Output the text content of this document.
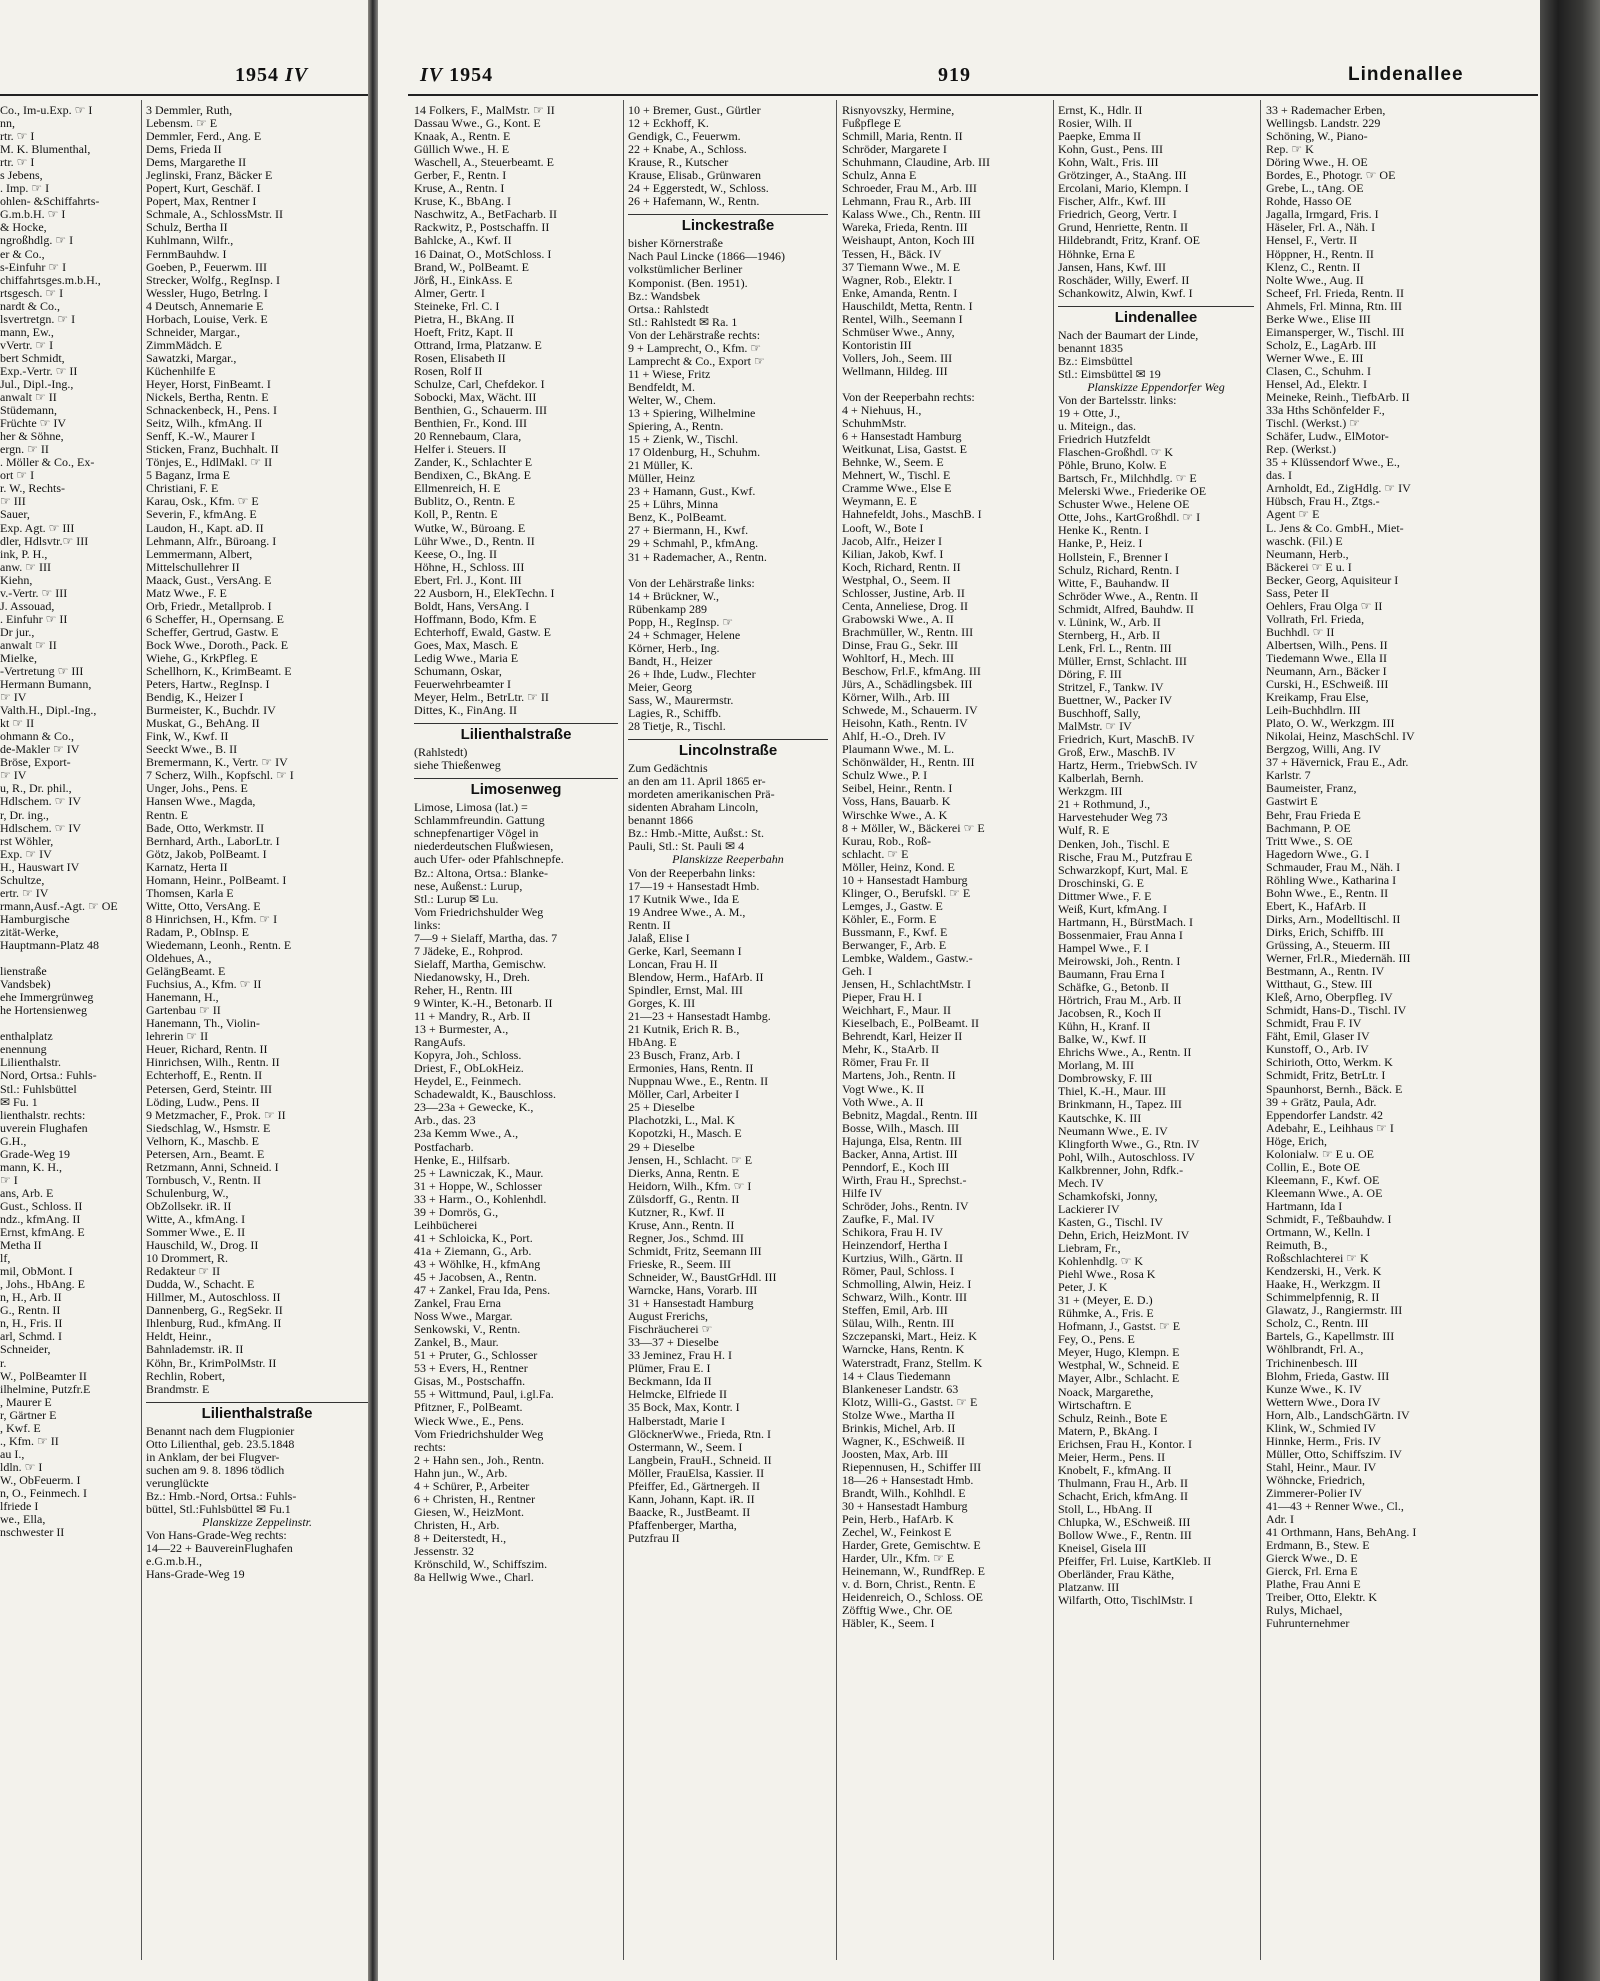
1954 IV

Co., Im-u.Exp. ☞ I

nn,

rtr. ☞ I

M. K. Blumenthal,

rtr. ☞ I

s Jebens,

. Imp. ☞ I

ohlen- &Schiffahrts-

G.m.b.H. ☞ I

& Hocke,

ngroßhdlg. ☞ I

er & Co.,

s-Einfuhr ☞ I

chiffahrtsges.m.b.H.,

rtsgesch. ☞ I

nardt & Co.,

lsvertretgn. ☞ I

mann, Ew.,

vVertr. ☞ I

bert Schmidt,

Exp.-Vertr. ☞ II

Jul., Dipl.-Ing.,

anwalt ☞ II

Stüdemann,

Früchte ☞ IV

her & Söhne,

ergn. ☞ II

. Möller & Co., Ex-

ort ☞ I

r. W., Rechts-

☞ III

Sauer,

Exp. Agt. ☞ III

dler, Hdlsvtr.☞ III

ink, P. H.,

anw. ☞ III

Kiehn,

v.-Vertr. ☞ III

J. Assouad,

. Einfuhr ☞ II

Dr jur.,

anwalt ☞ II

Mielke,

-Vertretung ☞ III

Hermann Bumann,

☞ IV

Valth.H., Dipl.-Ing.,

kt ☞ II

ohmann & Co.,

de-Makler ☞ IV

Bröse, Export-

☞ IV

u, R., Dr. phil.,

Hdlschem. ☞ IV

r, Dr. ing.,

Hdlschem. ☞ IV

rst Wöhler,

Exp. ☞ IV

H., Hauswart IV

Schultze,

ertr. ☞ IV

rmann,Ausf.-Agt. ☞ OE

Hamburgische

zität-Werke,

Hauptmann-Platz 48

lienstraße

Vandsbek)

ehe Immergrünweg

he Hortensienweg

enthalplatz

enennung

Lilienthalstr.

Nord, Ortsa.: Fuhls-

Stl.: Fuhlsbüttel

✉ Fu. 1

lienthalstr. rechts:

uverein Flughafen

G.H.,

Grade-Weg 19

mann, K. H.,

☞ I

ans, Arb. E

Gust., Schloss. II

ndz., kfmAng. II

Ernst, kfmAng. E

Metha II

lf,

mil, ObMont. I

, Johs., HbAng. E

n, H., Arb. II

G., Rentn. II

n, H., Fris. II

arl, Schmd. I

Schneider,

r.

W., PolBeamter II

ilhelmine, Putzfr.E

, Maurer E

r, Gärtner E

, Kwf. E

., Kfm. ☞ II

au I.,

ldln. ☞ I

W., ObFeuerm. I

n, O., Feinmech. I

lfriede I

we., Ella,

nschwester II

3 Demmler, Ruth,

Lebensm. ☞ E

Demmler, Ferd., Ang. E

Dems, Frieda II

Dems, Margarethe II

Jeglinski, Franz, Bäcker E

Popert, Kurt, Geschäf. I

Popert, Max, Rentner I

Schmale, A., SchlossMstr. II

Schulz, Bertha II

Kuhlmann, Wilfr.,

FernmBauhdw. I

Goeben, P., Feuerwm. III

Strecker, Wolfg., RegInsp. I

Wessler, Hugo, Betrlng. I

4 Deutsch, Annemarie E

Horbach, Louise, Verk. E

Schneider, Margar.,

ZimmMädch. E

Sawatzki, Margar.,

Küchenhilfe E

Heyer, Horst, FinBeamt. I

Nickels, Bertha, Rentn. E

Schnackenbeck, H., Pens. I

Seitz, Wilh., kfmAng. II

Senff, K.-W., Maurer I

Sticken, Franz, Buchhalt. II

Tönjes, E., HdlMakl. ☞ II

5 Baganz, Irma E

Christiani, F. E

Karau, Osk., Kfm. ☞ E

Severin, F., kfmAng. E

Laudon, H., Kapt. aD. II

Lehmann, Alfr., Büroang. I

Lemmermann, Albert,

Mittelschullehrer II

Maack, Gust., VersAng. E

Matz Wwe., F. E

Orb, Friedr., Metallprob. I

6 Scheffer, H., Opernsang. E

Scheffer, Gertrud, Gastw. E

Bock Wwe., Doroth., Pack. E

Wiehe, G., KrkPfleg. E

Schellhorn, K., KrimBeamt. E

Peters, Hartw., RegInsp. I

Bendig, K., Heizer I

Burmeister, K., Buchdr. IV

Muskat, G., BehAng. II

Fink, W., Kwf. II

Seeckt Wwe., B. II

Bremermann, K., Vertr. ☞ IV

7 Scherz, Wilh., Kopfschl. ☞ I

Unger, Johs., Pens. E

Hansen Wwe., Magda,

Rentn. E

Bade, Otto, Werkmstr. II

Bernhard, Arth., LaborLtr. I

Götz, Jakob, PolBeamt. I

Karnatz, Herta II

Homann, Heinr., PolBeamt. I

Thomsen, Karla E

Witte, Otto, VersAng. E

8 Hinrichsen, H., Kfm. ☞ I

Radam, P., ObInsp. E

Wiedemann, Leonh., Rentn. E

Oldehues, A.,

GelängBeamt. E

Fuchsius, A., Kfm. ☞ II

Hanemann, H.,

Gartenbau ☞ II

Hanemann, Th., Violin-

lehrerin ☞ II

Heuer, Richard, Rentn. II

Hinrichsen, Wilh., Rentn. II

Echterhoff, E., Rentn. II

Petersen, Gerd, Steintr. III

Löding, Ludw., Pens. II

9 Metzmacher, F., Prok. ☞ II

Siedschlag, W., Hsmstr. E

Velhorn, K., Maschb. E

Petersen, Arn., Beamt. E

Retzmann, Anni, Schneid. I

Tornbusch, V., Rentn. II

Schulenburg, W.,

ObZollsekr. iR. II

Witte, A., kfmAng. I

Sommer Wwe., E. II

Hauschild, W., Drog. II

10 Drommert, R.

Redakteur ☞ II

Dudda, W., Schacht. E

Hillmer, M., Autoschloss. II

Dannenberg, G., RegSekr. II

Ihlenburg, Rud., kfmAng. II

Heldt, Heinr.,

Bahnlademstr. iR. II

Köhn, Br., KrimPolMstr. II

Rechlin, Robert,

Brandmstr. E

Lilienthalstraße

Benannt nach dem Flugpionier

Otto Lilienthal, geb. 23.5.1848

in Anklam, der bei Flugver-

suchen am 9. 8. 1896 tödlich

verunglückte

Bz.: Hmb.-Nord, Ortsa.: Fuhls-

büttel, Stl.:Fuhlsbüttel ✉ Fu.1

Planskizze Zeppelinstr.

Von Hans-Grade-Weg rechts:

14—22 + BauvereinFlughafen

e.G.m.b.H.,

Hans-Grade-Weg 19

IV 1954	919	Lindenallee

14 Folkers, F., MalMstr. ☞ II

Dassau Wwe., G., Kont. E

Knaak, A., Rentn. E

Güllich Wwe., H. E

Waschell, A., Steuerbeamt. E

Gerber, F., Rentn. I

Kruse, A., Rentn. I

Kruse, K., BbAng. I

Naschwitz, A., BetFacharb. II

Rackwitz, P., Postschaffn. II

Bahlcke, A., Kwf. II

16 Dainat, O., MotSchloss. I

Brand, W., PolBeamt. E

Jörß, H., EinkAss. E

Almer, Gertr. I

Steineke, Frl. C. I

Pietra, H., BkAng. II

Hoeft, Fritz, Kapt. II

Ottrand, Irma, Platzanw. E

Rosen, Elisabeth II

Rosen, Rolf II

Schulze, Carl, Chefdekor. I

Sobocki, Max, Wächt. III

Benthien, G., Schauerm. III

Benthien, Fr., Kond. III

20 Rennebaum, Clara,

Helfer i. Steuers. II

Zander, K., Schlachter E

Bendixen, C., BkAng. E

Ellmenreich, H. E

Bublitz, O., Rentn. E

Koll, P., Rentn. E

Wutke, W., Büroang. E

Lühr Wwe., D., Rentn. II

Keese, O., Ing. II

Höhne, H., Schloss. III

Ebert, Frl. J., Kont. III

22 Ausborn, H., ElekTechn. I

Boldt, Hans, VersAng. I

Hoffmann, Bodo, Kfm. E

Echterhoff, Ewald, Gastw. E

Goes, Max, Masch. E

Ledig Wwe., Maria E

Schumann, Oskar,

Feuerwehrbeamter I

Meyer, Helm., BetrLtr. ☞ II

Dittes, K., FinAng. II

Lilienthalstraße

(Rahlstedt)

siehe Thießenweg

Limosenweg

Limose, Limosa (lat.) =

Schlammfreundin. Gattung

schnepfenartiger Vögel in

niederdeutschen Flußwiesen,

auch Ufer- oder Pfahlschnepfe.

Bz.: Altona, Ortsa.: Blanke-

nese, Außenst.: Lurup,

Stl.: Lurup ✉ Lu.

Vom Friedrichshulder Weg

links:

7—9 + Sielaff, Martha, das. 7

7 Jädeke, E., Rohprod.

Sielaff, Martha, Gemischw.

Niedanowsky, H., Dreh.

Reher, H., Rentn. III

9 Winter, K.-H., Betonarb. II

11 + Mandry, R., Arb. II

13 + Burmester, A.,

RangAufs.

Kopyra, Joh., Schloss.

Driest, F., ObLokHeiz.

Heydel, E., Feinmech.

Schadewaldt, K., Bauschloss.

23—23a + Gewecke, K.,

Arb., das. 23

23a Kemm Wwe., A.,

Postfacharb.

Henke, E., Hilfsarb.

25 + Lawniczak, K., Maur.

31 + Hoppe, W., Schlosser

33 + Harm., O., Kohlenhdl.

39 + Domrös, G.,

Leihbücherei

41 + Schloicka, K., Port.

41a + Ziemann, G., Arb.

43 + Wöhlke, H., kfmAng

45 + Jacobsen, A., Rentn.

47 + Zankel, Frau Ida, Pens.

Zankel, Frau Erna

Noss Wwe., Margar.

Senkowski, V., Rentn.

Zankel, B., Maur.

51 + Pruter, G., Schlosser

53 + Evers, H., Rentner

Gisas, M., Postschaffn.

55 + Wittmund, Paul, i.gl.Fa.

Pfitzner, F., PolBeamt.

Wieck Wwe., E., Pens.

Vom Friedrichshulder Weg

rechts:

2 + Hahn sen., Joh., Rentn.

Hahn jun., W., Arb.

4 + Schürer, P., Arbeiter

6 + Christen, H., Rentner

Giesen, W., HeizMont.

Christen, H., Arb.

8 + Deiterstedt, H.,

Jessenstr. 32

Krönschild, W., Schiffszim.

8a Hellwig Wwe., Charl.

10 + Bremer, Gust., Gürtler

12 + Eckhoff, K.

Gendigk, C., Feuerwm.

22 + Knabe, A., Schloss.

Krause, R., Kutscher

Krause, Elisab., Grünwaren

24 + Eggerstedt, W., Schloss.

26 + Hafemann, W., Rentn.

Linckestraße

bisher Körnerstraße

Nach Paul Lincke (1866—1946)

volkstümlicher Berliner

Komponist. (Ben. 1951).

Bz.: Wandsbek

Ortsa.: Rahlstedt

Stl.: Rahlstedt ✉ Ra. 1

Von der Lehärstraße rechts:

9 + Lamprecht, O., Kfm. ☞

Lamprecht & Co., Export ☞

11 + Wiese, Fritz

Bendfeldt, M.

Welter, W., Chem.

13 + Spiering, Wilhelmine

Spiering, A., Rentn.

15 + Zienk, W., Tischl.

17 Oldenburg, H., Schuhm.

21 Müller, K.

Müller, Heinz

23 + Hamann, Gust., Kwf.

25 + Lührs, Minna

Benz, K., PolBeamt.

27 + Biermann, H., Kwf.

29 + Schmahl, P., kfmAng.

31 + Rademacher, A., Rentn.

Von der Lehärstraße links:

14 + Brückner, W.,

Rübenkamp 289

Popp, H., RegInsp. ☞

24 + Schmager, Helene

Körner, Herb., Ing.

Bandt, H., Heizer

26 + Ihde, Ludw., Flechter

Meier, Georg

Sass, W., Maurermstr.

Lagies, R., Schiffb.

28 Tietje, R., Tischl.

Lincolnstraße

Zum Gedächtnis

an den am 11. April 1865 er-

mordeten amerikanischen Prä-

sidenten Abraham Lincoln,

benannt 1866

Bz.: Hmb.-Mitte, Außst.: St.

Pauli, Stl.: St. Pauli ✉ 4

Planskizze Reeperbahn

Von der Reeperbahn links:

17—19 + Hansestadt Hmb.

17 Kutnik Wwe., Ida E

19 Andree Wwe., A. M.,

Rentn. II

Jalaß, Elise I

Gerke, Karl, Seemann I

Loncan, Frau H. II

Blendow, Herm., HafArb. II

Spindler, Ernst, Mal. III

Gorges, K. III

21—23 + Hansestadt Hambg.

21 Kutnik, Erich R. B.,

HbAng. E

23 Busch, Franz, Arb. I

Ermonies, Hans, Rentn. II

Nuppnau Wwe., E., Rentn. II

Möller, Carl, Arbeiter I

25 + Dieselbe

Plachotzki, L., Mal. K

Kopotzki, H., Masch. E

29 + Dieselbe

Jensen, H., Schlacht. ☞ E

Dierks, Anna, Rentn. E

Heidorn, Wilh., Kfm. ☞ I

Zülsdorff, G., Rentn. II

Kutzner, R., Kwf. II

Kruse, Ann., Rentn. II

Regner, Jos., Schmd. III

Schmidt, Fritz, Seemann III

Frieske, R., Seem. III

Schneider, W., BaustGrHdl. III

Warncke, Hans, Vorarb. III

31 + Hansestadt Hamburg

August Frerichs,

Fischräucherei ☞

33—37 + Dieselbe

33 Jeminez, Frau H. I

Plümer, Frau E. I

Beckmann, Ida II

Helmcke, Elfriede II

35 Bock, Max, Kontr. I

Halberstadt, Marie I

GlöcknerWwe., Frieda, Rtn. I

Ostermann, W., Seem. I

Langbein, FrauH., Schneid. II

Möller, FrauElsa, Kassier. II

Pfeiffer, Ed., Gärtnergeh. II

Kann, Johann, Kapt. iR. II

Baacke, R., JustBeamt. II

Pfaffenberger, Martha,

Putzfrau II

Risnyovszky, Hermine,

Fußpflege E

Schmill, Maria, Rentn. II

Schröder, Margarete I

Schuhmann, Claudine, Arb. III

Schulz, Anna E

Schroeder, Frau M., Arb. III

Lehmann, Frau R., Arb. III

Kalass Wwe., Ch., Rentn. III

Wareka, Frieda, Rentn. III

Weishaupt, Anton, Koch III

Tessen, H., Bäck. IV

37 Tiemann Wwe., M. E

Wagner, Rob., Elektr. I

Enke, Amanda, Rentn. I

Hauschildt, Metta, Rentn. I

Rentel, Wilh., Seemann I

Schmüser Wwe., Anny,

Kontoristin III

Vollers, Joh., Seem. III

Wellmann, Hildeg. III

Von der Reeperbahn rechts:

4 + Niehuus, H.,

SchuhmMstr.

6 + Hansestadt Hamburg

Weitkunat, Lisa, Gastst. E

Behnke, W., Seem. E

Mehnert, W., Tischl. E

Cramme Wwe., Else E

Weymann, E. E

Hahnefeldt, Johs., MaschB. I

Looft, W., Bote I

Jacob, Alfr., Heizer I

Kilian, Jakob, Kwf. I

Koch, Richard, Rentn. II

Westphal, O., Seem. II

Schlosser, Justine, Arb. II

Centa, Anneliese, Drog. II

Grabowski Wwe., A. II

Brachmüller, W., Rentn. III

Dinse, Frau G., Sekr. III

Wohltorf, H., Mech. III

Beschow, Frl.F., kfmAng. III

Jürs, A., Schädlingsbek. III

Körner, Wilh., Arb. III

Schwede, M., Schauerm. IV

Heisohn, Kath., Rentn. IV

Ahlf, H.-O., Dreh. IV

Plaumann Wwe., M. L.

Schönwälder, H., Rentn. III

Schulz Wwe., P. I

Seibel, Heinr., Rentn. I

Voss, Hans, Bauarb. K

Wirschke Wwe., A. K

8 + Möller, W., Bäckerei ☞ E

Kurau, Rob., Roß-

schlacht. ☞ E

Möller, Heinz, Kond. E

10 + Hansestadt Hamburg

Klinger, O., Berufskl. ☞ E

Lemges, J., Gastw. E

Köhler, E., Form. E

Bussmann, F., Kwf. E

Berwanger, F., Arb. E

Lembke, Waldem., Gastw.-

Geh. I

Jensen, H., SchlachtMstr. I

Pieper, Frau H. I

Weichhart, F., Maur. II

Kieselbach, E., PolBeamt. II

Behrendt, Karl, Heizer II

Mehr, K., StaArb. II

Römer, Frau Fr. II

Martens, Joh., Rentn. II

Vogt Wwe., K. II

Voth Wwe., A. II

Bebnitz, Magdal., Rentn. III

Bosse, Wilh., Masch. III

Hajunga, Elsa, Rentn. III

Backer, Anna, Artist. III

Penndorf, E., Koch III

Wirth, Frau H., Sprechst.-

Hilfe IV

Schröder, Johs., Rentn. IV

Zaufke, F., Mal. IV

Schikora, Frau H. IV

Heinzendorf, Hertha I

Kurtzius, Wilh., Gärtn. II

Römer, Paul, Schloss. I

Schmolling, Alwin, Heiz. I

Schwarz, Wilh., Kontr. III

Steffen, Emil, Arb. III

Sülau, Wilh., Rentn. III

Szczepanski, Mart., Heiz. K

Warncke, Hans, Rentn. K

Waterstradt, Franz, Stellm. K

14 + Claus Tiedemann

Blankeneser Landstr. 63

Klotz, Willi-G., Gastst. ☞ E

Stolze Wwe., Martha II

Brinkis, Michel, Arb. II

Wagner, K., ESchweiß. II

Joosten, Max, Arb. III

Riepennusen, H., Schiffer III

18—26 + Hansestadt Hmb.

Brandt, Wilh., Kohlhdl. E

30 + Hansestadt Hamburg

Pein, Herb., HafArb. K

Zechel, W., Feinkost E

Harder, Grete, Gemischtw. E

Harder, Ulr., Kfm. ☞ E

Heinemann, W., RundfRep. E

v. d. Born, Christ., Rentn. E

Heidenreich, O., Schloss. OE

Zöfftig Wwe., Chr. OE

Häbler, K., Seem. I

Ernst, K., Hdlr. II

Rosier, Wilh. II

Paepke, Emma II

Kohn, Gust., Pens. III

Kohn, Walt., Fris. III

Grötzinger, A., StaAng. III

Ercolani, Mario, Klempn. I

Fischer, Alfr., Kwf. III

Friedrich, Georg, Vertr. I

Grund, Henriette, Rentn. II

Hildebrandt, Fritz, Kranf. OE

Höhnke, Erna E

Jansen, Hans, Kwf. III

Roschäder, Willy, Ewerf. II

Schankowitz, Alwin, Kwf. I

Lindenallee

Nach der Baumart der Linde,

benannt 1835

Bz.: Eimsbüttel

Stl.: Eimsbüttel ✉ 19

Planskizze Eppendorfer Weg

Von der Bartelsstr. links:

19 + Otte, J.,

u. Miteign., das.

Friedrich Hutzfeldt

Flaschen-Großhdl. ☞ K

Pöhle, Bruno, Kolw. E

Bartsch, Fr., Milchhdlg. ☞ E

Melerski Wwe., Friederike OE

Schuster Wwe., Helene OE

Otte, Johs., KartGroßhdl. ☞ I

Henke K., Rentn. I

Hanke, P., Heiz. I

Hollstein, F., Brenner I

Schulz, Richard, Rentn. I

Witte, F., Bauhandw. II

Schröder Wwe., A., Rentn. II

Schmidt, Alfred, Bauhdw. II

v. Lünink, W., Arb. II

Sternberg, H., Arb. II

Lenk, Frl. L., Rentn. III

Müller, Ernst, Schlacht. III

Döring, F. III

Stritzel, F., Tankw. IV

Buettner, W., Packer IV

Buschhoff, Sally,

MalMstr. ☞ IV

Friedrich, Kurt, MaschB. IV

Groß, Erw., MaschB. IV

Hartz, Herm., TriebwSch. IV

Kalberlah, Bernh.

Werkzgm. III

21 + Rothmund, J.,

Harvestehuder Weg 73

Wulf, R. E

Denken, Joh., Tischl. E

Rische, Frau M., Putzfrau E

Schwarzkopf, Kurt, Mal. E

Droschinski, G. E

Dittmer Wwe., F. E

Weiß, Kurt, kfmAng. I

Hartmann, H., BürstMach. I

Bossenmaier, Frau Anna I

Hampel Wwe., F. I

Meirowski, Joh., Rentn. I

Baumann, Frau Erna I

Schäfke, G., Betonb. II

Hörtrich, Frau M., Arb. II

Jacobsen, R., Koch II

Kühn, H., Kranf. II

Balke, W., Kwf. II

Ehrichs Wwe., A., Rentn. II

Morlang, M. III

Dombrowsky, F. III

Thiel, K.-H., Maur. III

Brinkmann, H., Tapez. III

Kautschke, K. III

Neumann Wwe., E. IV

Klingforth Wwe., G., Rtn. IV

Pohl, Wilh., Autoschloss. IV

Kalkbrenner, John, Rdfk.-

Mech. IV

Schamkofski, Jonny,

Lackierer IV

Kasten, G., Tischl. IV

Dehn, Erich, HeizMont. IV

Liebram, Fr.,

Kohlenhdlg. ☞ K

Piehl Wwe., Rosa K

Peter, J. K

31 + (Meyer, E. D.)

Rühmke, A., Fris. E

Hofmann, J., Gastst. ☞ E

Fey, O., Pens. E

Meyer, Hugo, Klempn. E

Westphal, W., Schneid. E

Mayer, Albr., Schlacht. E

Noack, Margarethe,

Wirtschaftrn. E

Schulz, Reinh., Bote E

Matern, P., BkAng. I

Erichsen, Frau H., Kontor. I

Meier, Herm., Pens. II

Knobelt, F., kfmAng. II

Thulmann, Frau H., Arb. II

Schacht, Erich, kfmAng. II

Stoll, L., HbAng. II

Chlupka, W., ESchweiß. III

Bollow Wwe., F., Rentn. III

Kneisel, Gisela III

Pfeiffer, Frl. Luise, KartKleb. II

Oberländer, Frau Käthe,

Platzanw. III

Wilfarth, Otto, TischlMstr. I

33 + Rademacher Erben,

Wellingsb. Landstr. 229

Schöning, W., Piano-

Rep. ☞ K

Döring Wwe., H. OE

Bordes, E., Photogr. ☞ OE

Grebe, L., tAng. OE

Rohde, Hasso OE

Jagalla, Irmgard, Fris. I

Häseler, Frl. A., Näh. I

Hensel, F., Vertr. II

Höppner, H., Rentn. II

Klenz, C., Rentn. II

Nolte Wwe., Aug. II

Scheef, Frl. Frieda, Rentn. II

Ahmels, Frl. Minna, Rtn. III

Berke Wwe., Elise III

Eimansperger, W., Tischl. III

Scholz, E., LagArb. III

Werner Wwe., E. III

Clasen, C., Schuhm. I

Hensel, Ad., Elektr. I

Meineke, Reinh., TiefbArb. II

33a Hths Schönfelder F.,

Tischl. (Werkst.) ☞

Schäfer, Ludw., ElMotor-

Rep. (Werkst.)

35 + Klüssendorf Wwe., E.,

das. I

Arnholdt, Ed., ZigHdlg. ☞ IV

Hübsch, Frau H., Ztgs.-

Agent ☞ E

L. Jens & Co. GmbH., Miet-

waschk. (Fil.) E

Neumann, Herb.,

Bäckerei ☞ E u. I

Becker, Georg, Aquisiteur I

Sass, Peter II

Oehlers, Frau Olga ☞ II

Vollrath, Frl. Frieda,

Buchhdl. ☞ II

Albertsen, Wilh., Pens. II

Tiedemann Wwe., Ella II

Neumann, Arn., Bäcker I

Curski, H., ESchweiß. III

Kreikamp, Frau Else,

Leih-Buchhdlrn. III

Plato, O. W., Werkzgm. III

Nikolai, Heinz, MaschSchl. IV

Bergzog, Willi, Ang. IV

37 + Hävernick, Frau E., Adr.

Karlstr. 7

Baumeister, Franz,

Gastwirt E

Behr, Frau Frieda E

Bachmann, P. OE

Tritt Wwe., S. OE

Hagedorn Wwe., G. I

Schmauder, Frau M., Näh. I

Röhling Wwe., Katharina I

Bohn Wwe., E., Rentn. II

Ebert, K., HafArb. II

Dirks, Arn., Modelltischl. II

Dirks, Erich, Schiffb. III

Grüssing, A., Steuerm. III

Werner, Frl.R., Miedernäh. III

Bestmann, A., Rentn. IV

Witthaut, G., Stew. III

Kleß, Arno, Oberpfleg. IV

Schmidt, Hans-D., Tischl. IV

Schmidt, Frau F. IV

Fäht, Emil, Glaser IV

Kunstoff, O., Arb. IV

Schirioth, Otto, Werkm. K

Schmidt, Fritz, BetrLtr. I

Spaunhorst, Bernh., Bäck. E

39 + Grätz, Paula, Adr.

Eppendorfer Landstr. 42

Adebahr, E., Leihhaus ☞ I

Höge, Erich,

Kolonialw. ☞ E u. OE

Collin, E., Bote OE

Kleemann, F., Kwf. OE

Kleemann Wwe., A. OE

Hartmann, Ida I

Schmidt, F., Teßbauhdw. I

Ortmann, W., Kelln. I

Reimuth, B.,

Roßschlachterei ☞ K

Kendzerski, H., Verk. K

Haake, H., Werkzgm. II

Schimmelpfennig, R. II

Glawatz, J., Rangiermstr. III

Scholz, C., Rentn. III

Bartels, G., Kapellmstr. III

Wöhlbrandt, Frl. A.,

Trichinenbesch. III

Blohm, Frieda, Gastw. III

Kunze Wwe., K. IV

Wettern Wwe., Dora IV

Horn, Alb., LandschGärtn. IV

Klink, W., Schmied IV

Hinnke, Herm., Fris. IV

Müller, Otto, Schiffszim. IV

Stahl, Heinr., Maur. IV

Wöhncke, Friedrich,

Zimmerer-Polier IV

41—43 + Renner Wwe., Cl.,

Adr. I

41 Orthmann, Hans, BehAng. I

Erdmann, B., Stew. E

Gierck Wwe., D. E

Gierck, Frl. Erna E

Plathe, Frau Anni E

Treiber, Otto, Elektr. K

Rulys, Michael,

Fuhrunternehmer
